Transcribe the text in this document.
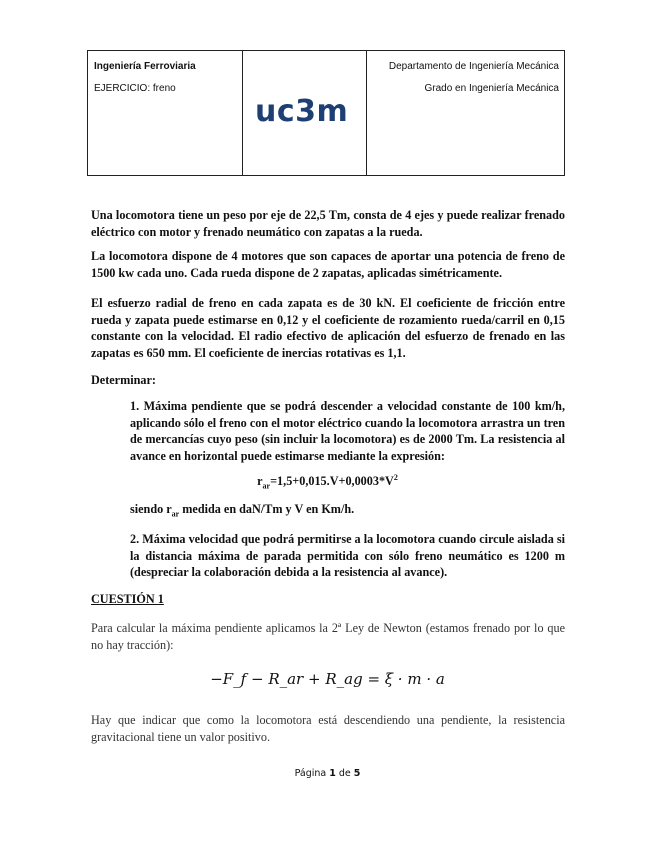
Ingeniería Ferroviaria
EJERCICIO: freno
uc3m
Departamento de Ingeniería Mecánica
Grado en Ingeniería Mecánica
Una locomotora tiene un peso por eje de 22,5 Tm, consta de 4 ejes y puede realizar frenado eléctrico con motor y frenado neumático con zapatas a la rueda.
La locomotora dispone de 4 motores que son capaces de aportar una potencia de freno de 1500 kw cada uno. Cada rueda dispone de 2 zapatas, aplicadas simétricamente.
El esfuerzo radial de freno en cada zapata es de 30 kN. El coeficiente de fricción entre rueda y zapata puede estimarse en 0,12 y el coeficiente de rozamiento rueda/carril en 0,15 constante con la velocidad. El radio efectivo de aplicación del esfuerzo de frenado en las zapatas es 650 mm. El coeficiente de inercias rotativas es 1,1.
Determinar:
1. Máxima pendiente que se podrá descender a velocidad constante de 100 km/h, aplicando sólo el freno con el motor eléctrico cuando la locomotora arrastra un tren de mercancías cuyo peso (sin incluir la locomotora) es de 2000 Tm. La resistencia al avance en horizontal puede estimarse mediante la expresión:
$r_{ar}=1,5+0,015.V+0,0003*V^2$
siendo $r_{ar}$ medida en daN/Tm y V en Km/h.
2. Máxima velocidad que podrá permitirse a la locomotora cuando circule aislada si la distancia máxima de parada permitida con sólo freno neumático es 1200 m (despreciar la colaboración debida a la resistencia al avance).
CUESTIÓN 1
Para calcular la máxima pendiente aplicamos la 2ª Ley de Newton (estamos frenado por lo que no hay tracción):
−F_f − R_ar + R_ag = ξ · m · a
Hay que indicar que como la locomotora está descendiendo una pendiente, la resistencia gravitacional tiene un valor positivo.
Página 1 de 5
